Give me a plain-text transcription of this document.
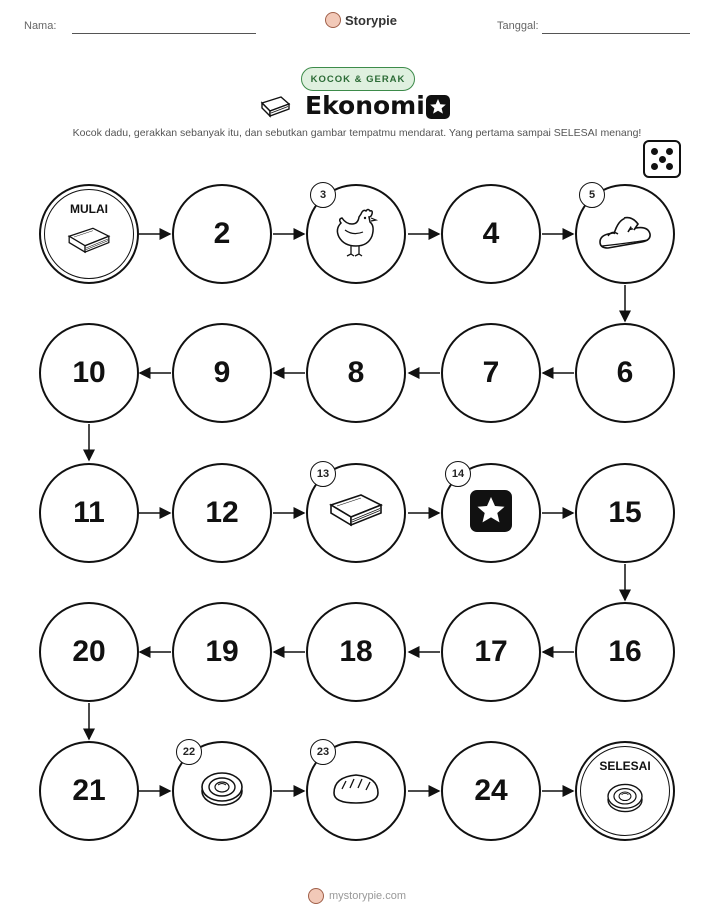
Nama:	Storypie	Tanggal:
KOCOK & GERAK
Ekonomi
Kocok dadu, gerakkan sebanyak itu, dan sebutkan gambar tempatmu mendarat. Yang pertama sampai SELESAI menang!
MULAI
2
3
4
5
6
7
8
9
10
11	12
13	14
15
16
17
18
19
20
21
22	23
24
SELESAI
mystorypie.com
